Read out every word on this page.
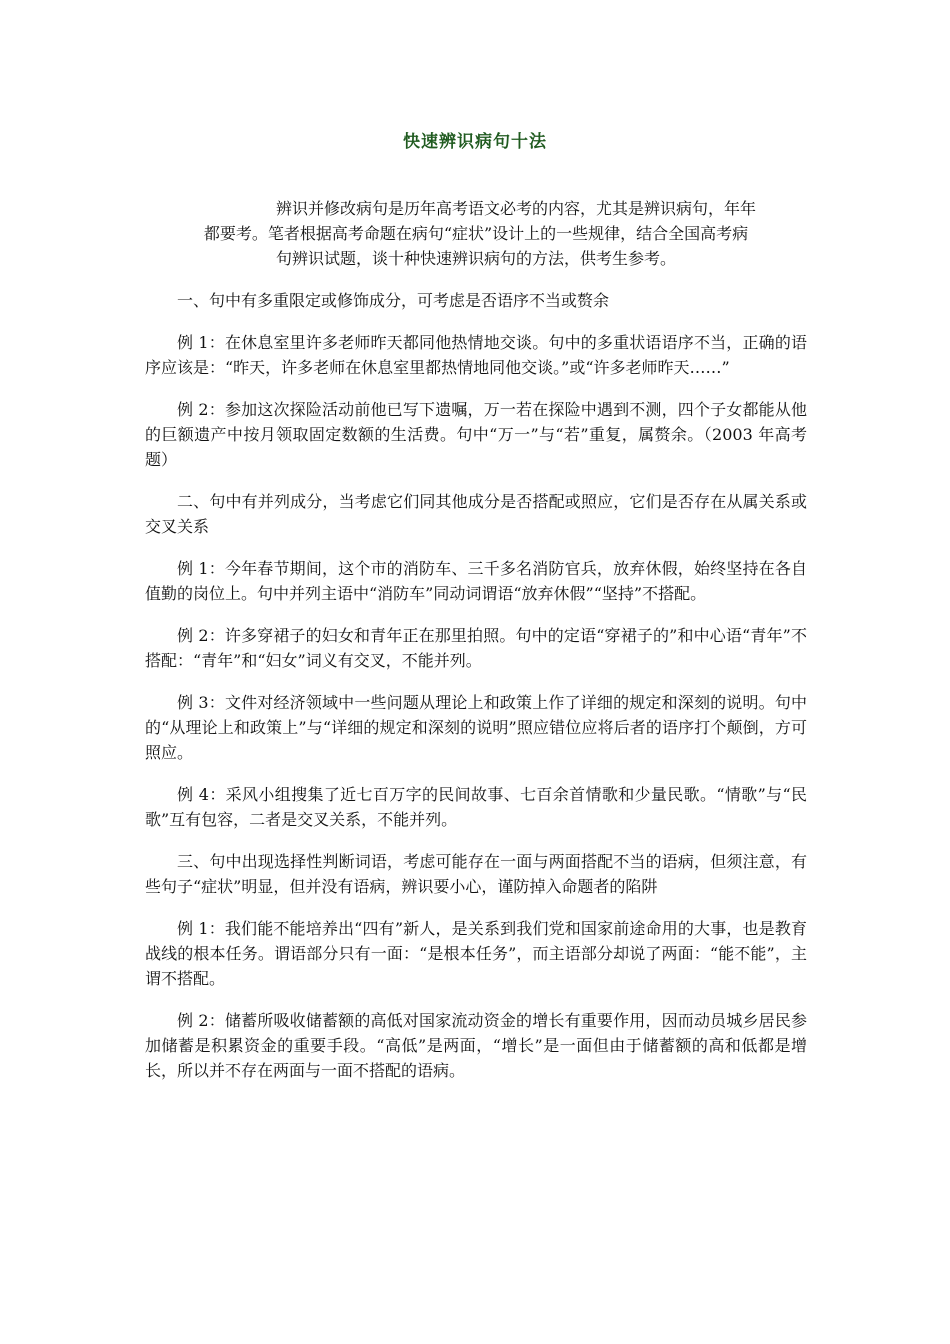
快速辨识病句十法
辨识并修改病句是历年高考语文必考的内容，尤其是辨识病句，年年
都要考。笔者根据高考命题在病句“症状”设计上的一些规律，结合全国高考病
句辨识试题，谈十种快速辨识病句的方法，供考生参考。

一、句中有多重限定或修饰成分，可考虑是否语序不当或赘余

例 1：在休息室里许多老师昨天都同他热情地交谈。句中的多重状语语序不当，正确的语序应该是：“昨天，许多老师在休息室里都热情地同他交谈。”或“许多老师昨天……”

例 2：参加这次探险活动前他已写下遗嘱，万一若在探险中遇到不测，四个子女都能从他的巨额遗产中按月领取固定数额的生活费。句中“万一”与“若”重复，属赘余。（2003 年高考题）

二、句中有并列成分，当考虑它们同其他成分是否搭配或照应，它们是否存在从属关系或交叉关系

例 1：今年春节期间，这个市的消防车、三千多名消防官兵，放弃休假，始终坚持在各自值勤的岗位上。句中并列主语中“消防车”同动词谓语“放弃休假”“坚持”不搭配。

例 2：许多穿裙子的妇女和青年正在那里拍照。句中的定语“穿裙子的”和中心语“青年”不搭配：“青年”和“妇女”词义有交叉，不能并列。

例 3：文件对经济领域中一些问题从理论上和政策上作了详细的规定和深刻的说明。句中的“从理论上和政策上”与“详细的规定和深刻的说明”照应错位应将后者的语序打个颠倒，方可照应。

例 4：采风小组搜集了近七百万字的民间故事、七百余首情歌和少量民歌。“情歌”与“民歌”互有包容，二者是交叉关系，不能并列。

三、句中出现选择性判断词语，考虑可能存在一面与两面搭配不当的语病，但须注意，有些句子“症状”明显，但并没有语病，辨识要小心，谨防掉入命题者的陷阱

例 1：我们能不能培养出“四有”新人，是关系到我们党和国家前途命用的大事，也是教育战线的根本任务。谓语部分只有一面：“是根本任务”，而主语部分却说了两面：“能不能”，主谓不搭配。

例 2：储蓄所吸收储蓄额的高低对国家流动资金的增长有重要作用，因而动员城乡居民参加储蓄是积累资金的重要手段。“高低”是两面，“增长”是一面但由于储蓄额的高和低都是增长，所以并不存在两面与一面不搭配的语病。
